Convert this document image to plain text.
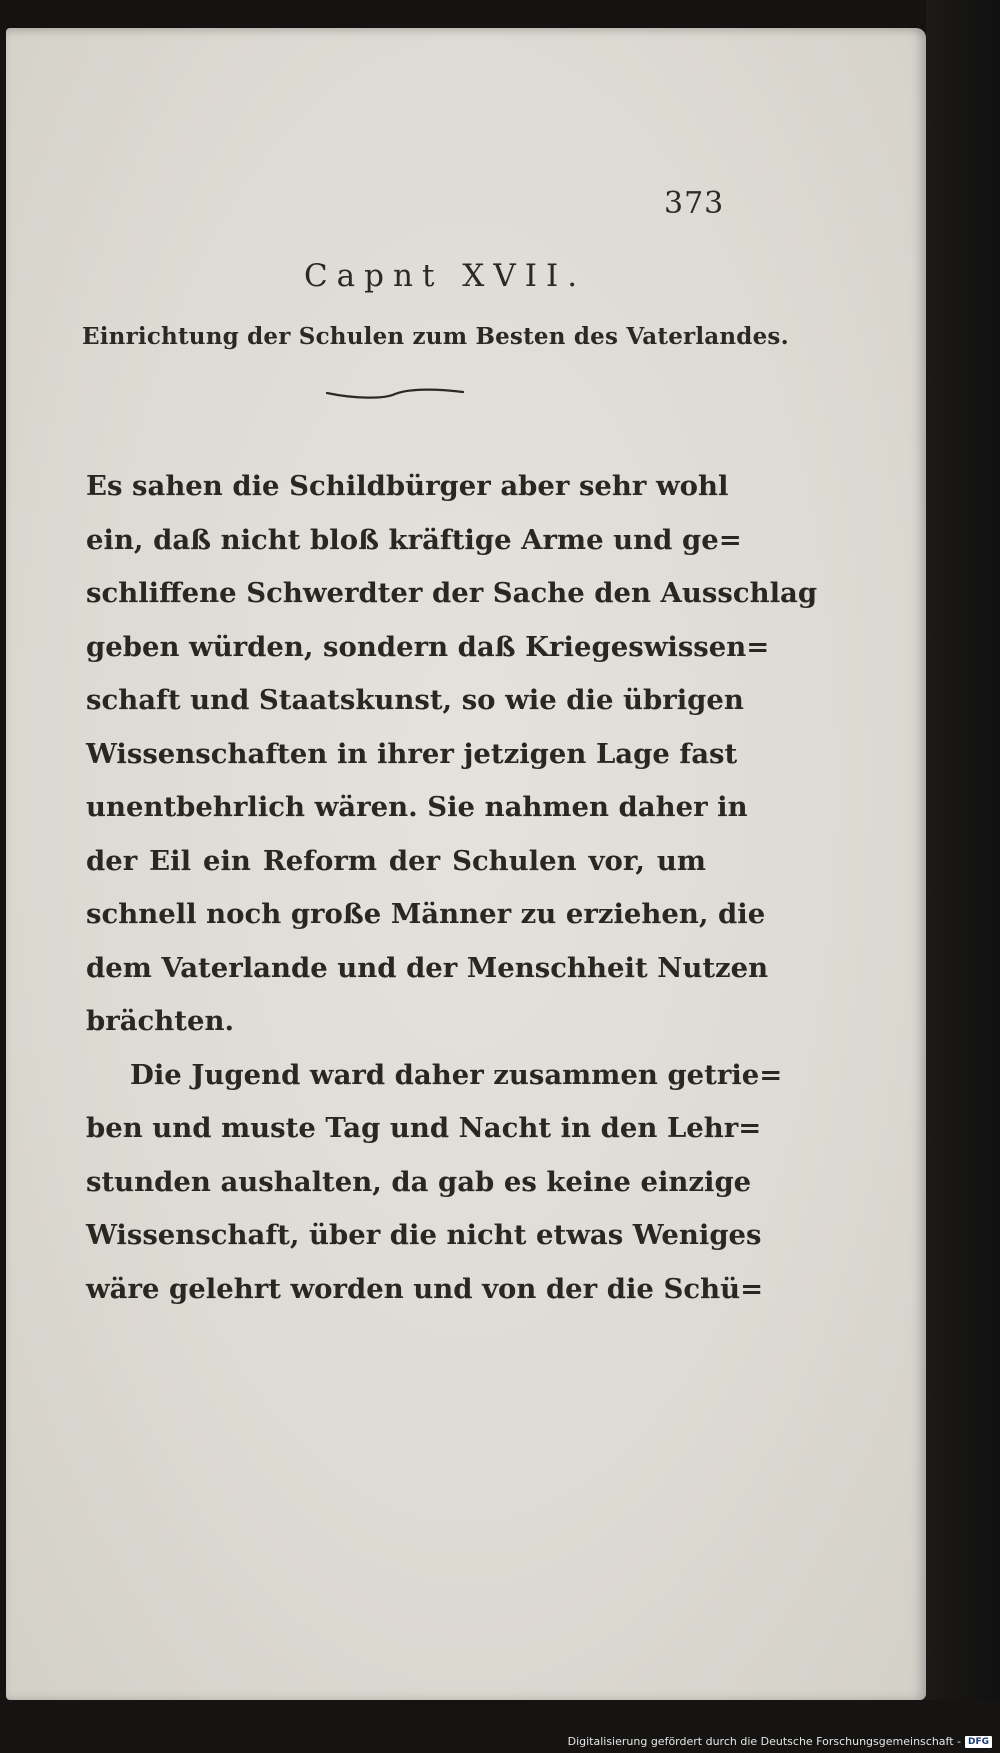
373
Capnt XVII.
Einrichtung der Schulen zum Besten des Vaterlandes.
Es sahen die Schildbürger aber sehr wohl
ein, daß nicht bloß kräftige Arme und ge=
schliffene Schwerdter der Sache den Ausschlag
geben würden, sondern daß Kriegeswissen=
schaft und Staatskunst, so wie die übrigen
Wissenschaften in ihrer jetzigen Lage fast
unentbehrlich wären. Sie nahmen daher in
der Eil ein Reform der Schulen vor, um
schnell noch große Männer zu erziehen, die
dem Vaterlande und der Menschheit Nutzen
brächten.
Die Jugend ward daher zusammen getrie=
ben und muste Tag und Nacht in den Lehr=
stunden aushalten, da gab es keine einzige
Wissenschaft, über die nicht etwas Weniges
wäre gelehrt worden und von der die Schü=
Digitalisierung gefördert durch die Deutsche Forschungsgemeinschaft - DFG
